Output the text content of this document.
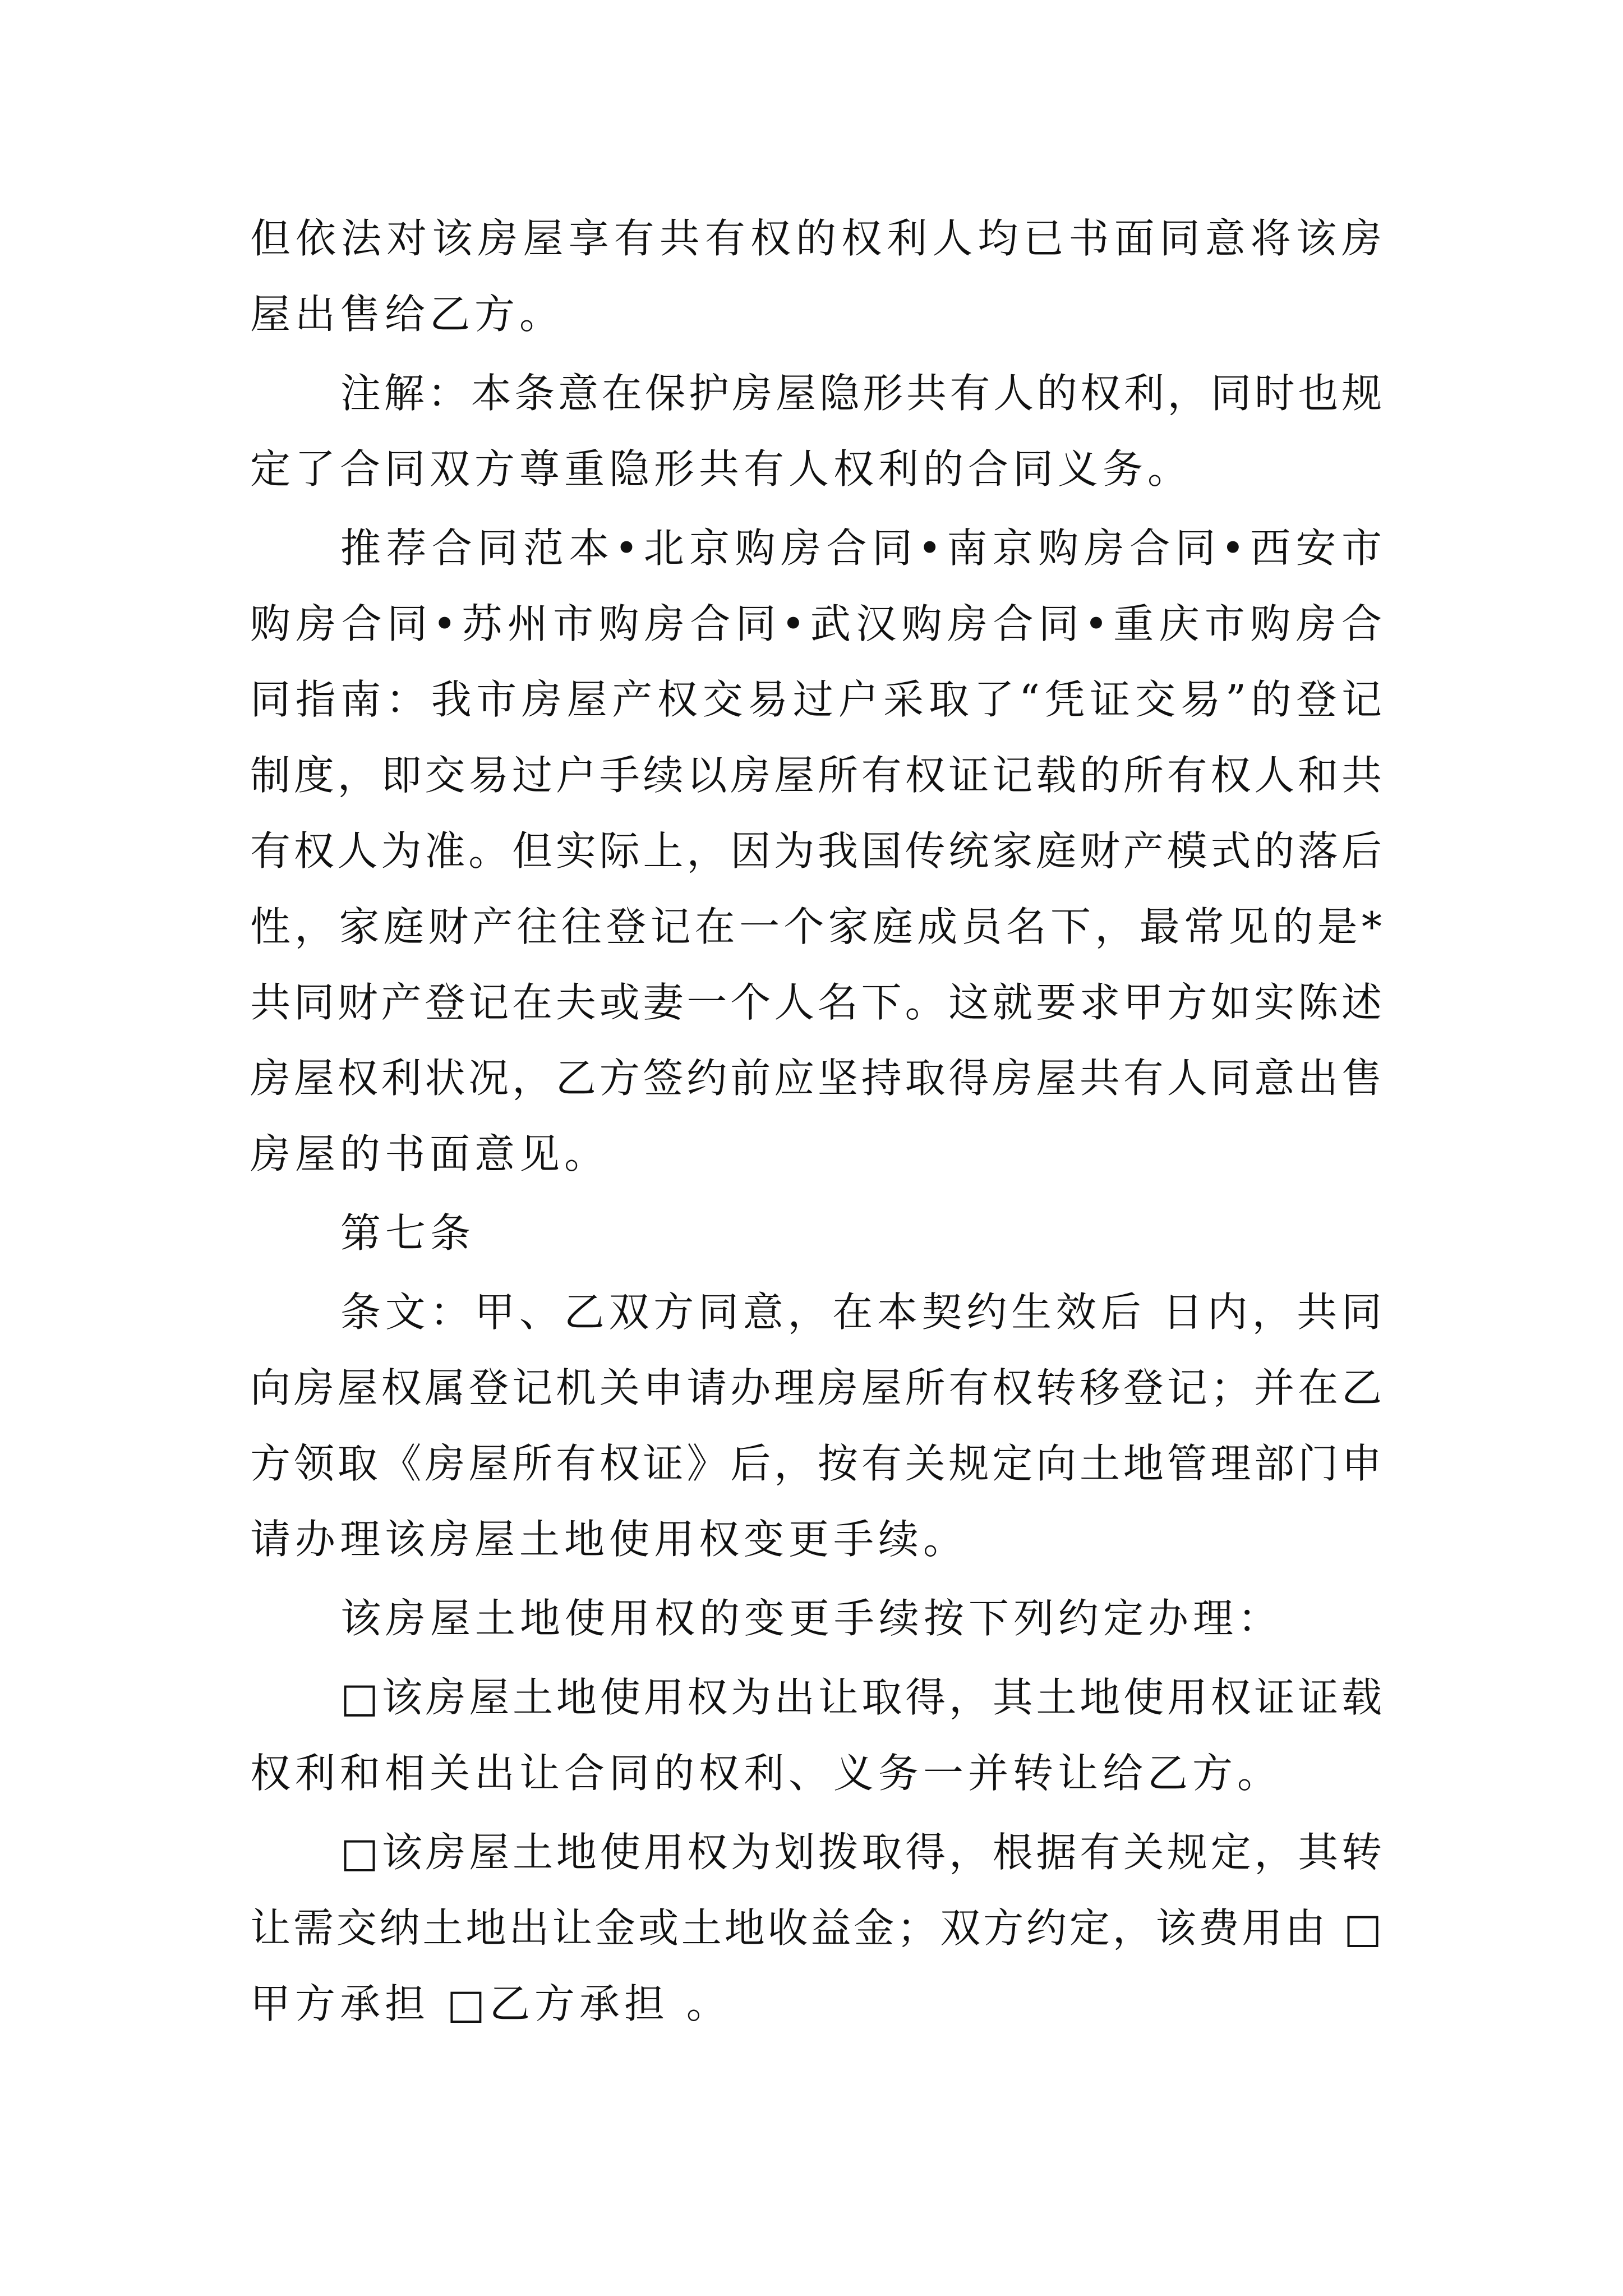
但依法对该房屋享有共有权的权利人均已书面同意将该房
屋出售给乙方。
注解：本条意在保护房屋隐形共有人的权利，同时也规
定了合同双方尊重隐形共有人权利的合同义务。
推荐合同范本•北京购房合同•南京购房合同•西安市
购房合同•苏州市购房合同•武汉购房合同•重庆市购房合
同指南：我市房屋产权交易过户采取了“凭证交易”的登记
制度，即交易过户手续以房屋所有权证记载的所有权人和共
有权人为准。但实际上，因为我国传统家庭财产模式的落后
性，家庭财产往往登记在一个家庭成员名下，最常见的是*
共同财产登记在夫或妻一个人名下。这就要求甲方如实陈述
房屋权利状况，乙方签约前应坚持取得房屋共有人同意出售
房屋的书面意见。
第七条
条文：甲、乙双方同意，在本契约生效后 日内，共同
向房屋权属登记机关申请办理房屋所有权转移登记；并在乙
方领取《房屋所有权证》后，按有关规定向土地管理部门申
请办理该房屋土地使用权变更手续。
该房屋土地使用权的变更手续按下列约定办理：
□该房屋土地使用权为出让取得，其土地使用权证证载
权利和相关出让合同的权利、义务一并转让给乙方。
□该房屋土地使用权为划拨取得，根据有关规定，其转
让需交纳土地出让金或土地收益金；双方约定，该费用由 □
甲方承担 □乙方承担 。
